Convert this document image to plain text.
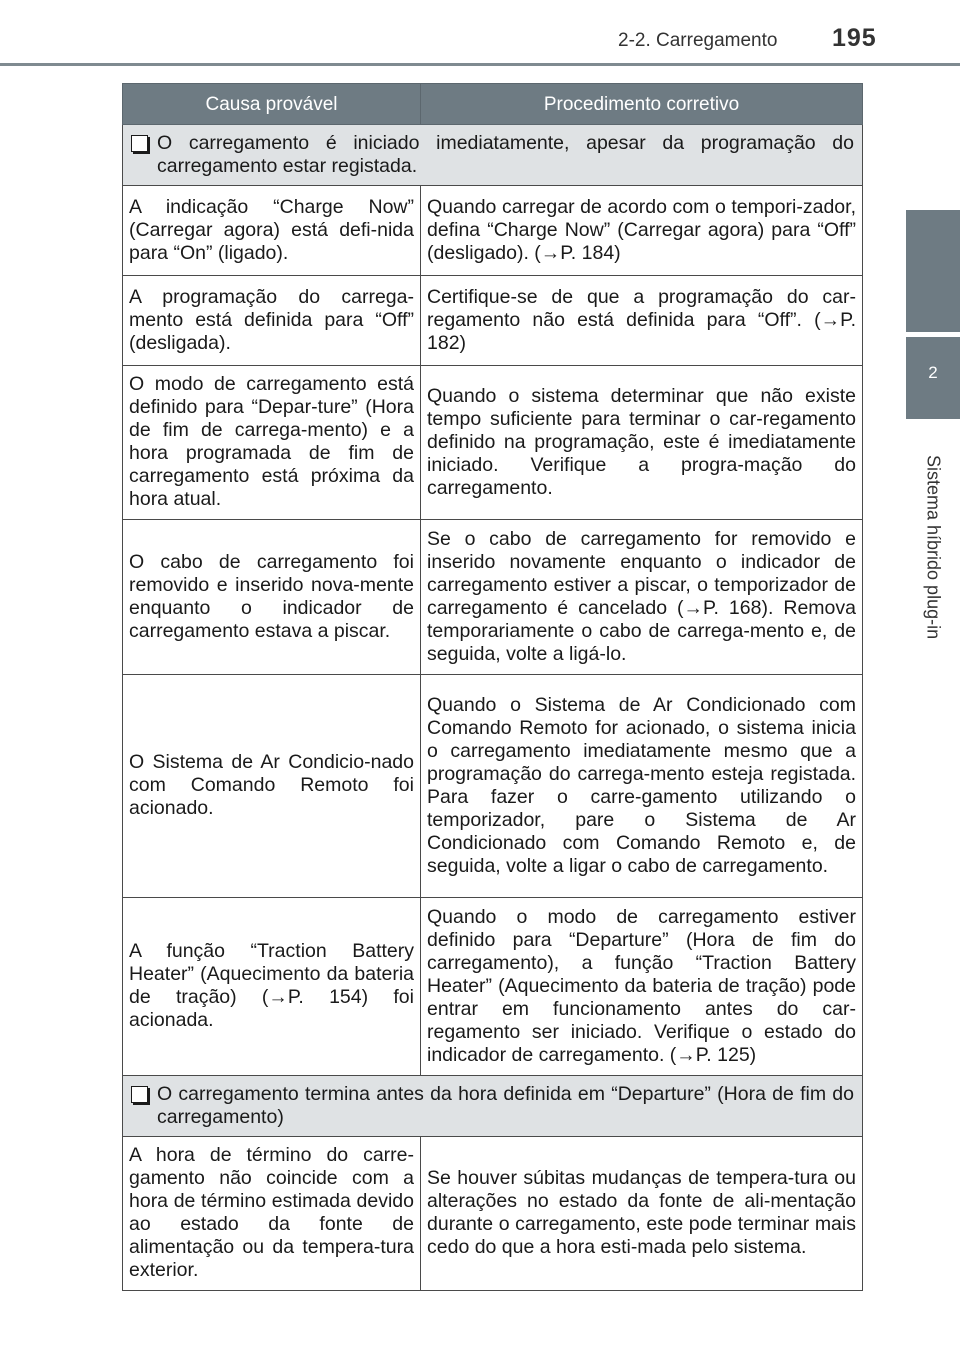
2-2. Carregamento 195
2
Sistema híbrido plug-in
Causa provável	Procedimento corretivo

O carregamento é iniciado imediatamente, apesar da programação do carregamento estar registada.	

A indicação “Charge Now” (Carregar agora) está defi-nida para “On” (ligado).	Quando carregar de acordo com o tempori-zador, defina “Charge Now” (Carregar agora) para “Off” (desligado). (→P. 184)
A programação do carrega-mento está definida para “Off” (desligada).	Certifique-se de que a programação do car-regamento não está definida para “Off”. (→P. 182)
O modo de carregamento está definido para “Depar-ture” (Hora de fim de carrega-mento) e a hora programada de fim de carregamento está próxima da hora atual.	Quando o sistema determinar que não existe tempo suficiente para terminar o car-regamento definido na programação, este é imediatamente iniciado. Verifique a progra-mação do carregamento.
O cabo de carregamento foi removido e inserido nova-mente enquanto o indicador de carregamento estava a piscar.	Se o cabo de carregamento for removido e inserido novamente enquanto o indicador de carregamento estiver a piscar, o temporizador de carregamento é cancelado (→P. 168). Remova temporariamente o cabo de carrega-mento e, de seguida, volte a ligá-lo.
O Sistema de Ar Condicio-nado com Comando Remoto foi acionado.	Quando o Sistema de Ar Condicionado com Comando Remoto for acionado, o sistema inicia o carregamento imediatamente mesmo que a programação do carrega-mento esteja registada. Para fazer o carre-gamento utilizando o temporizador, pare o Sistema de Ar Condicionado com Comando Remoto e, de seguida, volte a ligar o cabo de carregamento.
A função “Traction Battery Heater” (Aquecimento da bateria de tração) (→P. 154) foi acionada.	Quando o modo de carregamento estiver definido para “Departure” (Hora de fim do carregamento), a função “Traction Battery Heater” (Aquecimento da bateria de tração) pode entrar em funcionamento antes do car-regamento ser iniciado. Verifique o estado do indicador de carregamento. (→P. 125)

O carregamento termina antes da hora definida em “Departure” (Hora de fim do carregamento)	

A hora de término do carre-gamento não coincide com a hora de término estimada devido ao estado da fonte de alimentação ou da tempera-tura exterior.	Se houver súbitas mudanças de tempera-tura ou alterações no estado da fonte de ali-mentação durante o carregamento, este pode terminar mais cedo do que a hora esti-mada pelo sistema.
